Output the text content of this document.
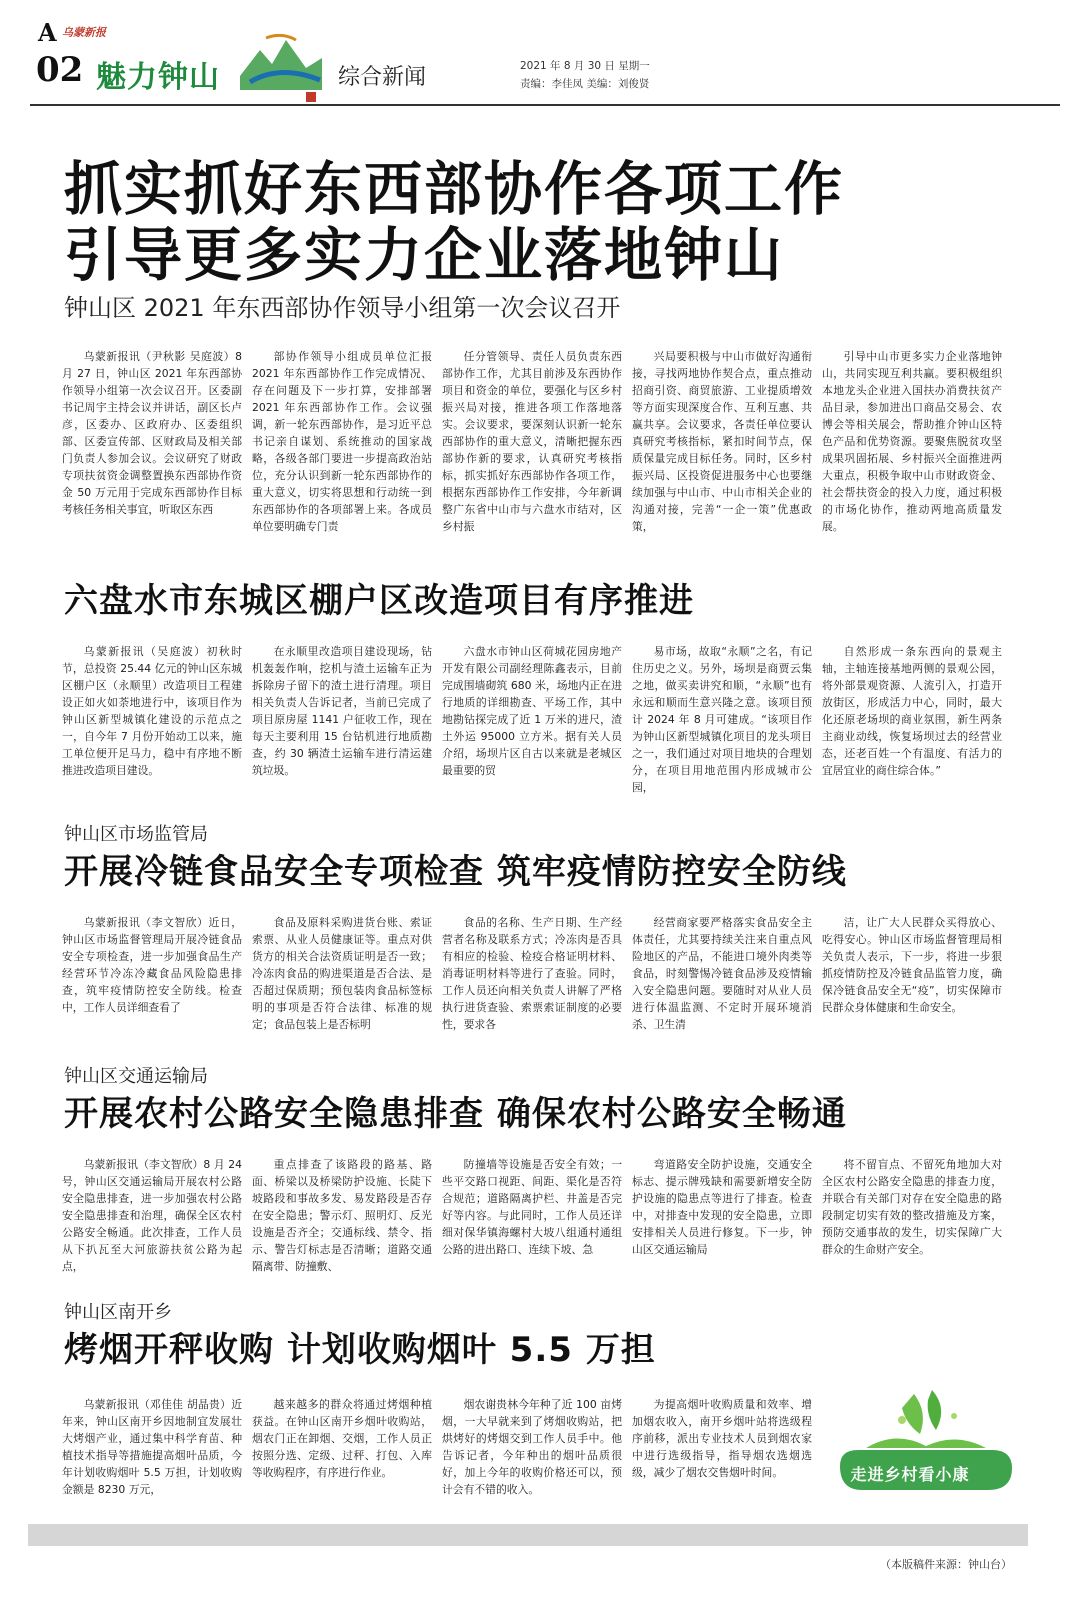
A 乌蒙新报
02 魅力钟山	综合新闻	2021 年 8 月 30 日 星期一
责编：李佳凤 美编：刘俊贤
抓实抓好东西部协作各项工作
引导更多实力企业落地钟山
钟山区 2021 年东西部协作领导小组第一次会议召开
乌蒙新报讯（尹秋影 吴庭波）8 月 27 日，钟山区 2021 年东西部协作领导小组第一次会议召开。区委副书记周宇主持会议并讲话，副区长卢彦，区委办、区政府办、区委组织部、区委宣传部、区财政局及相关部门负责人参加会议。会议研究了财政专项扶贫资金调整置换东西部协作资金 50 万元用于完成东西部协作目标考核任务相关事宜，听取区东西
部协作领导小组成员单位汇报 2021 年东西部协作工作完成情况、存在问题及下一步打算，安排部署 2021 年东西部协作工作。会议强调，新一轮东西部协作，是习近平总书记亲自谋划、系统推动的国家战略，各级各部门要进一步提高政治站位，充分认识到新一轮东西部协作的重大意义，切实将思想和行动统一到东西部协作的各项部署上来。各成员单位要明确专门责
任分管领导、责任人员负责东西部协作工作，尤其目前涉及东西协作项目和资金的单位，要强化与区乡村振兴局对接，推进各项工作落地落实。会议要求，要深刻认识新一轮东西部协作的重大意义，清晰把握东西部协作新的要求，认真研究考核指标，抓实抓好东西部协作各项工作，根据东西部协作工作安排，今年新调整广东省中山市与六盘水市结对，区乡村振
兴局要积极与中山市做好沟通衔接，寻找两地协作契合点，重点推动招商引资、商贸旅游、工业提质增效等方面实现深度合作、互利互惠、共赢共享。会议要求，各责任单位要认真研究考核指标，紧扣时间节点，保质保量完成目标任务。同时，区乡村振兴局、区投资促进服务中心也要继续加强与中山市、中山市相关企业的沟通对接，完善“一企一策”优惠政策，
引导中山市更多实力企业落地钟山，共同实现互利共赢。要积极组织本地龙头企业进入国扶办消费扶贫产品目录，参加进出口商品交易会、农博会等相关展会，帮助推介钟山区特色产品和优势资源。要聚焦脱贫攻坚成果巩固拓展、乡村振兴全面推进两大重点，积极争取中山市财政资金、社会帮扶资金的投入力度，通过积极的市场化协作，推动两地高质量发展。
六盘水市东城区棚户区改造项目有序推进
乌蒙新报讯（吴庭波）初秋时节，总投资 25.44 亿元的钟山区东城区棚户区（永顺里）改造项目工程建设正如火如荼地进行中，该项目作为钟山区新型城镇化建设的示范点之一，自今年 7 月份开始动工以来，施工单位便开足马力，稳中有序地不断推进改造项目建设。
在永顺里改造项目建设现场，钻机轰轰作响，挖机与渣土运输车正为拆除房子留下的渣土进行清理。项目相关负责人告诉记者，当前已完成了项目原房屋 1141 户征收工作，现在每天主要利用 15 台钻机进行地质勘查，约 30 辆渣土运输车进行清运建筑垃圾。
六盘水市钟山区荷城花园房地产开发有限公司副经理陈鑫表示，目前完成围墙砌筑 680 米，场地内正在进行地质的详细勘查、平场工作，其中地勘钻探完成了近 1 万米的进尺，渣土外运 95000 立方米。据有关人员介绍，场坝片区自古以来就是老城区最重要的贸
易市场，故取“永顺”之名，有记住历史之义。另外，场坝是商贾云集之地，做买卖讲究和顺，“永顺”也有永远和顺而生意兴隆之意。该项目预计 2024 年 8 月可建成。“该项目作为钟山区新型城镇化项目的龙头项目之一，我们通过对项目地块的合理划分，在项目用地范围内形成城市公园，
自然形成一条东西向的景观主轴，主轴连接基地两侧的景观公园，将外部景观资源、人流引入，打造开放街区，形成活力中心，同时，最大化还原老场坝的商业氛围，新生两条主商业动线，恢复场坝过去的经营业态，还老百姓一个有温度、有活力的宜居宜业的商住综合体。”
钟山区市场监管局
开展冷链食品安全专项检查 筑牢疫情防控安全防线
乌蒙新报讯（李文智欣）近日，钟山区市场监督管理局开展冷链食品安全专项检查，进一步加强食品生产经营环节冷冻冷藏食品风险隐患排查，筑牢疫情防控安全防线。检查中，工作人员详细查看了
食品及原料采购进货台账、索证索票、从业人员健康证等。重点对供货方的相关合法资质证明是否一致；冷冻肉食品的购进渠道是否合法、是否超过保质期；预包装肉食品标签标明的事项是否符合法律、标准的规定；食品包装上是否标明
食品的名称、生产日期、生产经营者名称及联系方式；冷冻肉是否具有相应的检验、检疫合格证明材料、消毒证明材料等进行了查验。同时，工作人员还向相关负责人讲解了严格执行进货查验、索票索证制度的必要性，要求各
经营商家要严格落实食品安全主体责任，尤其要持续关注来自重点风险地区的产品，不能进口境外肉类等食品，时刻警惕冷链食品涉及疫情输入安全隐患问题。要随时对从业人员进行体温监测、不定时开展环境消杀、卫生清
洁，让广大人民群众买得放心、吃得安心。钟山区市场监督管理局相关负责人表示，下一步，将进一步狠抓疫情防控及冷链食品监管力度，确保冷链食品安全无“疫”，切实保障市民群众身体健康和生命安全。
钟山区交通运输局
开展农村公路安全隐患排查 确保农村公路安全畅通
乌蒙新报讯（李文智欣）8 月 24 号，钟山区交通运输局开展农村公路安全隐患排查，进一步加强农村公路安全隐患排查和治理，确保全区农村公路安全畅通。此次排查，工作人员从下扒瓦至大河旅游扶贫公路为起点，
重点排查了该路段的路基、路面、桥梁以及桥梁防护设施、长陡下坡路段和事故多发、易发路段是否存在安全隐患；警示灯、照明灯、反光设施是否齐全；交通标线、禁令、指示、警告灯标志是否清晰；道路交通隔离带、防撞敷、
防撞墙等设施是否安全有效；一些平交路口视距、间距、渠化是否符合规范；道路隔离护栏、井盖是否完好等内容。与此同时，工作人员还详细对保华镇海螺村大坡八组通村通组公路的进出路口、连续下坡、急
弯道路安全防护设施，交通安全标志、提示牌残缺和需要新增安全防护设施的隐患点等进行了排查。检查中，对排查中发现的安全隐患，立即安排相关人员进行修复。下一步，钟山区交通运输局
将不留盲点、不留死角地加大对全区农村公路安全隐患的排查力度，并联合有关部门对存在安全隐患的路段制定切实有效的整改措施及方案，预防交通事故的发生，切实保障广大群众的生命财产安全。
钟山区南开乡
烤烟开秤收购 计划收购烟叶 5.5 万担
乌蒙新报讯（邓佳佳 胡晶贵）近年来，钟山区南开乡因地制宜发展壮大烤烟产业，通过集中科学育苗、种植技术指导等措施提高烟叶品质，今年计划收购烟叶 5.5 万担，计划收购金额是 8230 万元，
越来越多的群众将通过烤烟种植获益。在钟山区南开乡烟叶收购站，烟农门正在卸烟、交烟，工作人员正按照分选、定级、过秤、打包、入库等收购程序，有序进行作业。
烟农谢贵林今年种了近 100 亩烤烟，一大早就来到了烤烟收购站，把烘烤好的烤烟交到工作人员手中。他告诉记者，今年种出的烟叶品质很好，加上今年的收购价格还可以，预计会有不错的收入。
为提高烟叶收购质量和效率、增加烟农收入，南开乡烟叶站将选级程序前移，派出专业技术人员到烟农家中进行选级指导，指导烟农选烟选级，减少了烟农交售烟叶时间。	走进乡村看小康
（本版稿件来源：钟山台）
